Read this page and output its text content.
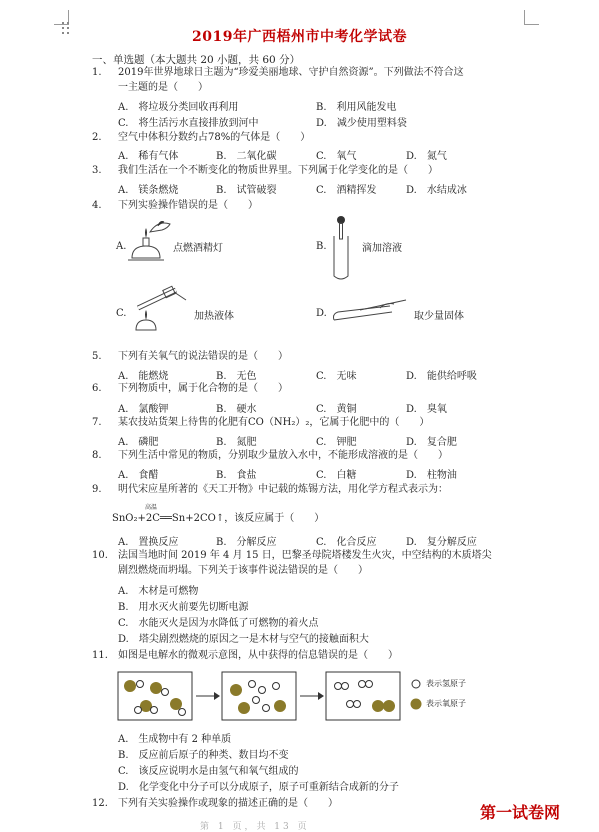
2019年广西梧州市中考化学试卷
一、单选题（本大题共 20 小题，共 60 分）
1. 2019年世界地球日主题为“珍爱美丽地球、守护自然资源”。下列做法不符合这
一主题的是（　　）
A.　将垃圾分类回收再利用	B.　利用风能发电
C.　将生活污水直接排放到河中	D.　减少使用塑料袋
2. 空气中体积分数约占78%的气体是（　　）
A.　稀有气体	B.　二氧化碳	C.　氧气	D.　氮气
3. 我们生活在一个不断变化的物质世界里。下列属于化学变化的是（　　）
A.　镁条燃烧	B.　试管破裂	C.　酒精挥发	D.　水结成冰
4. 下列实验操作错误的是（　　）
A.	点燃酒精灯	B.	滴加溶液
C.	加热液体	D.	取少量固体
5. 下列有关氧气的说法错误的是（　　）
A.　能燃烧	B.　无色	C.　无味	D.　能供给呼吸
6. 下列物质中，属于化合物的是（　　）
A.　氯酸钾	B.　硬水	C.　黄铜	D.　臭氧
7. 某农技站货架上待售的化肥有CO（NH₂）₂，它属于化肥中的（　　）
A.　磷肥	B.　氮肥	C.　钾肥	D.　复合肥
8. 下列生活中常见的物质，分别取少量放入水中，不能形成溶液的是（　　）
A.　食醋	B.　食盐	C.　白糖	D.　柱物油
9. 明代宋应星所著的《天工开物》中记载的炼锡方法，用化学方程式表示为：
SnO₂+2C══Sn+2CO↑，该反应属于（　　）
高温
A.　置换反应	B.　分解反应	C.　化合反应	D.　复分解反应
10. 法国当地时间 2019 年 4 月 15 日，巴黎圣母院塔楼发生火灾，中空结构的木质塔尖
剧烈燃烧而坍塌。下列关于该事件说法错误的是（　　）
A.　木材是可燃物
B.　用水灭火前要先切断电源
C.　水能灭火是因为水降低了可燃物的着火点
D.　塔尖剧烈燃烧的原因之一是木材与空气的接触面积大
11. 如图是电解水的微观示意图，从中获得的信息错误的是（　　）
表示氢原子
表示氧原子
A.　生成物中有 2 种单质
B.　反应前后原子的种类、数目均不变
C.　该反应说明水是由氢气和氧气组成的
D.　化学变化中分子可以分成原子，原子可重新结合成新的分子
12. 下列有关实验操作或现象的描述正确的是（　　）
第 1 页，共 13 页
第一试卷网
